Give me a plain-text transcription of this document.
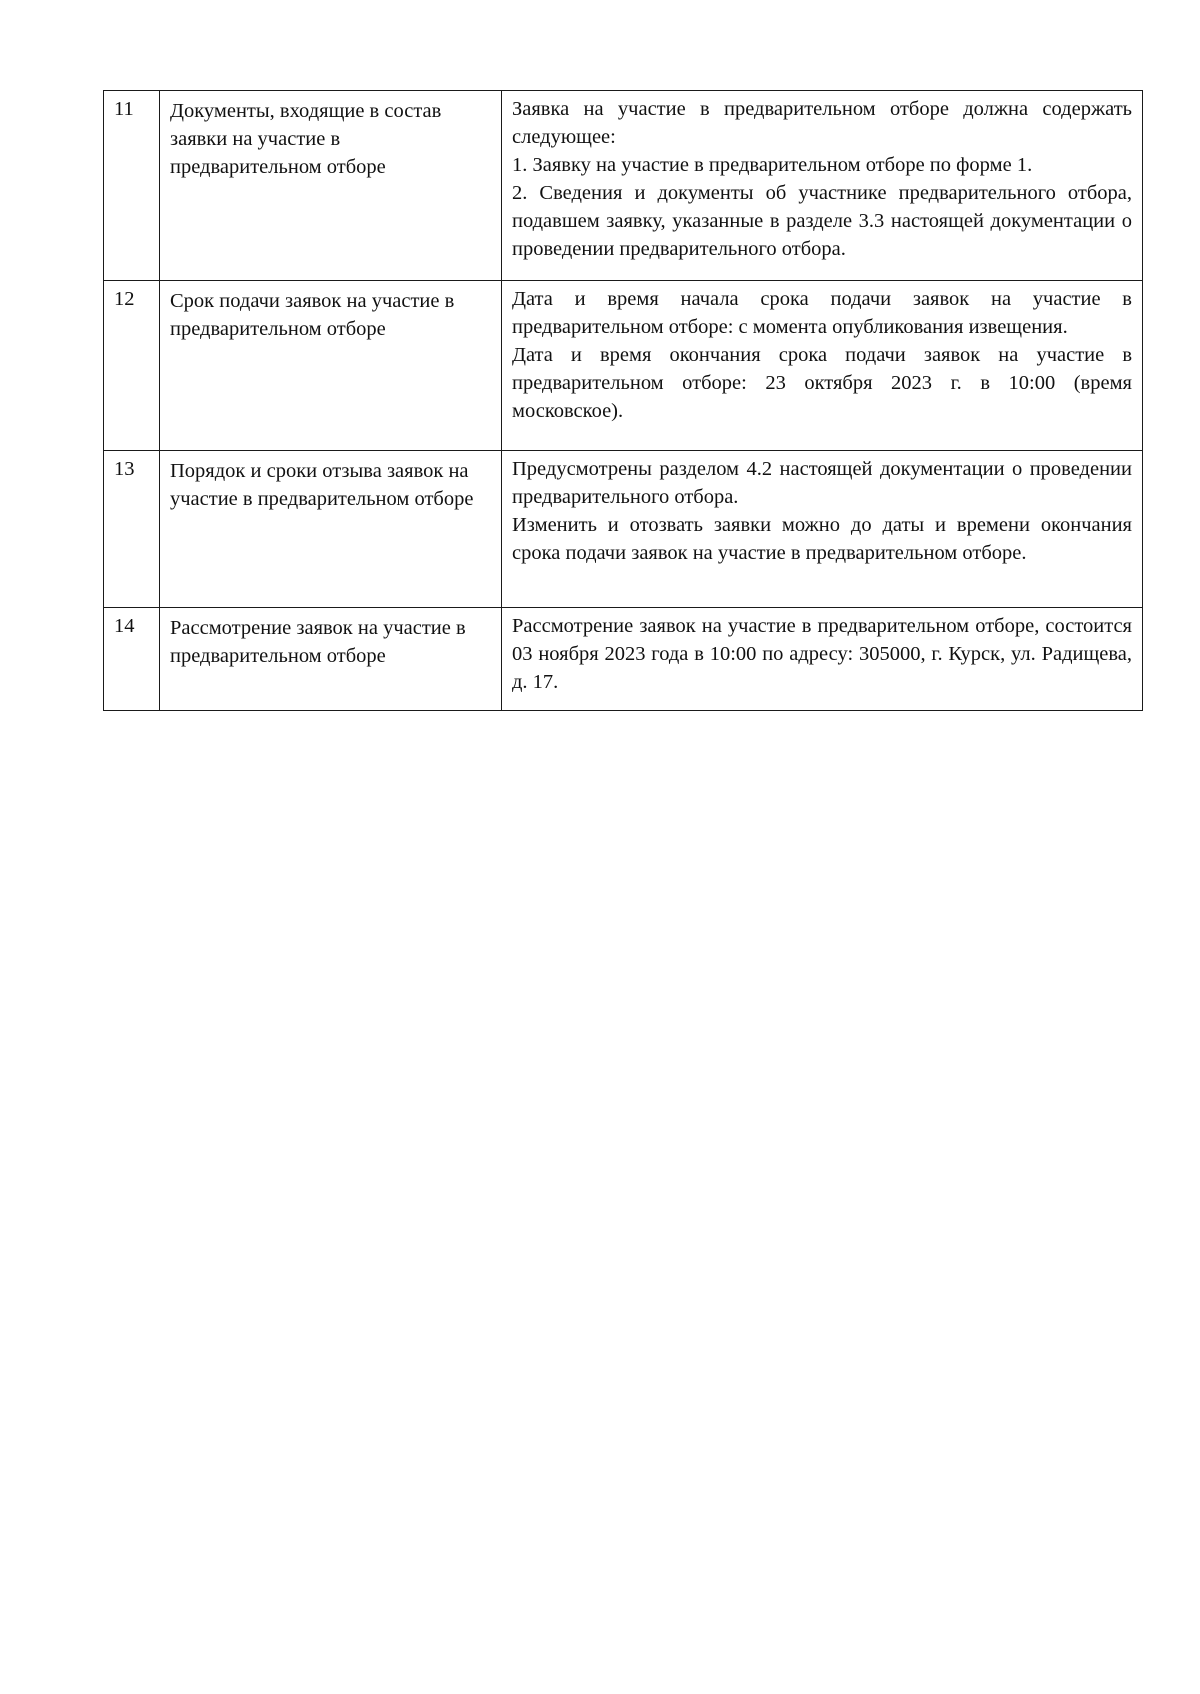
11	Документы, входящие в состав заявки на участие в предварительном отборе	Заявка на участие в предварительном отборе должна содержать следующее:

1. Заявку на участие в предварительном отборе по форме 1.

2. Сведения и документы об участнике предварительного отбора, подавшем заявку, указанные в разделе 3.3 настоящей документации о проведении предварительного отбора.

12	Срок подачи заявок на участие в предварительном отборе	Дата и время начала срока подачи заявок на участие в предварительном отборе: с момента опубликования извещения.

Дата и время окончания срока подачи заявок на участие в предварительном отборе: 23 октября 2023 г. в 10:00 (время московское).

13	Порядок и сроки отзыва заявок на участие в предварительном отборе	Предусмотрены разделом 4.2 настоящей документации о проведении предварительного отбора.

Изменить и отозвать заявки можно до даты и времени окончания срока подачи заявок на участие в предварительном отборе.

14	Рассмотрение заявок на участие в предварительном отборе	Рассмотрение заявок на участие в предварительном отборе, состоится 03 ноября 2023 года в 10:00 по адресу: 305000, г. Курск, ул. Радищева, д. 17.
